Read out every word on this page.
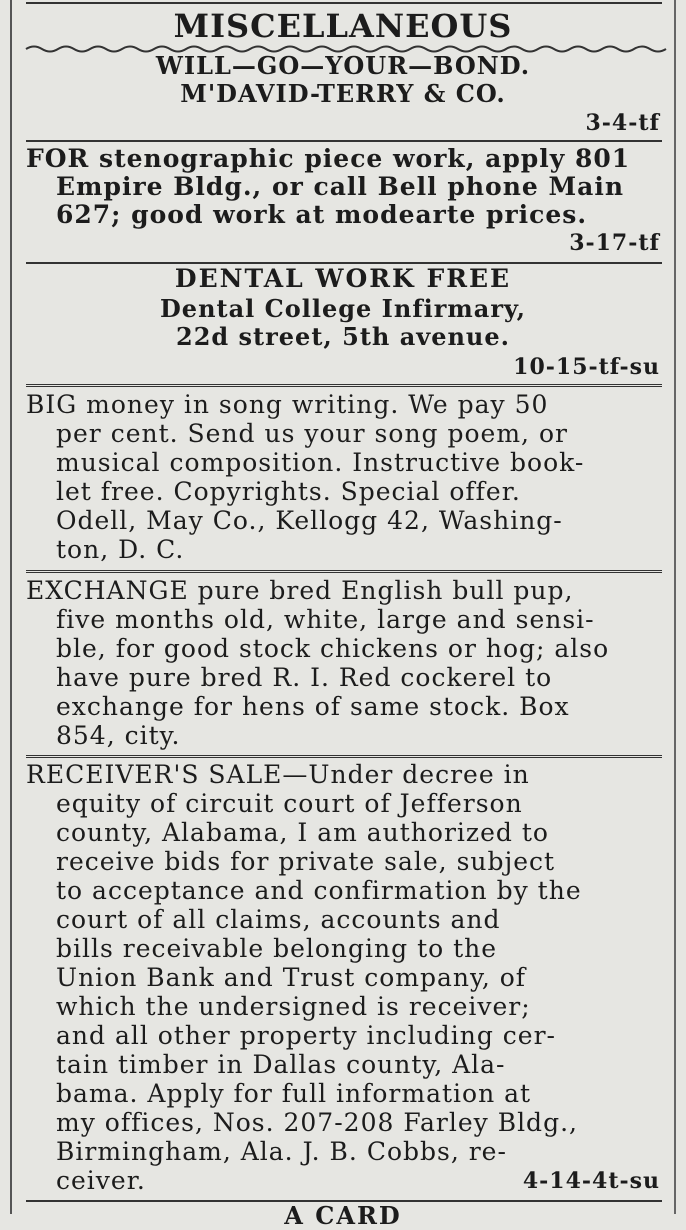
MISCELLANEOUS
WILL—GO—YOUR—BOND.
M'DAVID-TERRY & CO.
3-4-tf
FOR stenographic piece work, apply 801
Empire Bldg., or call Bell phone Main
627; good work at modearte prices.
3-17-tf
DENTAL WORK FREE
Dental College Infirmary,
22d street, 5th avenue.
10-15-tf-su
BIG money in song writing. We pay 50
per cent. Send us your song poem, or
musical composition. Instructive book-
let free. Copyrights. Special offer.
Odell, May Co., Kellogg 42, Washing-
ton, D. C.
EXCHANGE pure bred English bull pup,
five months old, white, large and sensi-
ble, for good stock chickens or hog; also
have pure bred R. I. Red cockerel to
exchange for hens of same stock. Box
854, city.
RECEIVER'S SALE—Under decree in
equity of circuit court of Jefferson
county, Alabama, I am authorized to
receive bids for private sale, subject
to acceptance and confirmation by the
court of all claims, accounts and
bills receivable belonging to the
Union Bank and Trust company, of
which the undersigned is receiver;
and all other property including cer-
tain timber in Dallas county, Ala-
bama. Apply for full information at
my offices, Nos. 207-208 Farley Bldg.,
Birmingham, Ala. J. B. Cobbs, re-
ceiver.	4-14-4t-su
A CARD
